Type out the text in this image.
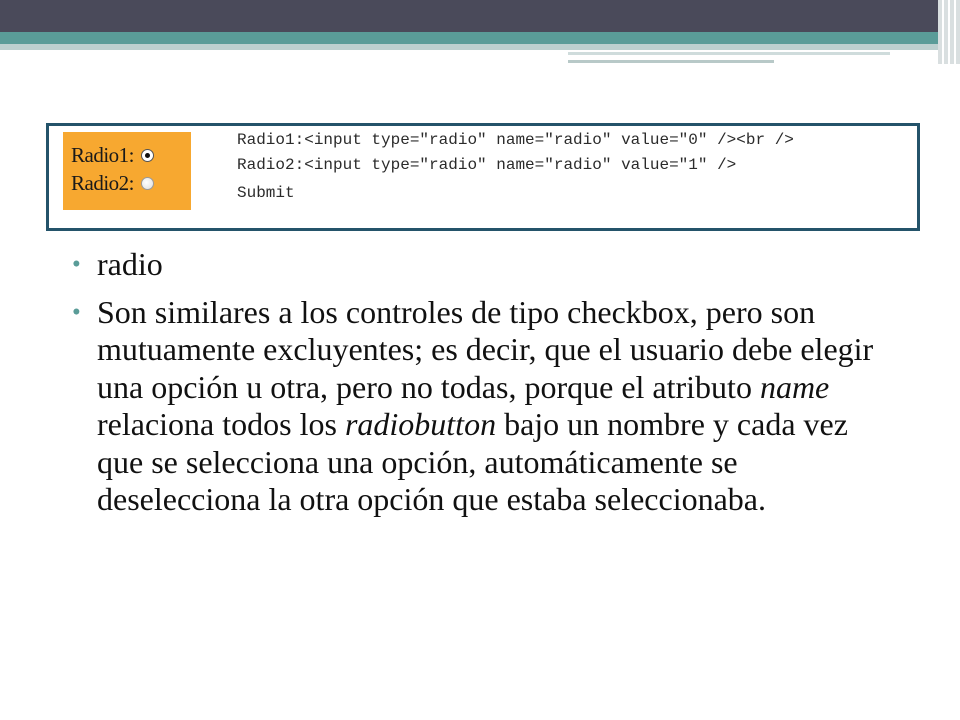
Radio1:
Radio2:
Radio1:<input type="radio" name="radio" value="0" /><br />
Radio2:<input type="radio" name="radio" value="1" />
Submit
• radio
• Son similares a los controles de tipo checkbox, pero son mutuamente excluyentes; es decir, que el usuario debe elegir una opción u otra, pero no todas, porque el atributo name relaciona todos los radiobutton bajo un nombre y cada vez que se selecciona una opción, automáticamente se deselecciona la otra opción que estaba seleccionaba.
